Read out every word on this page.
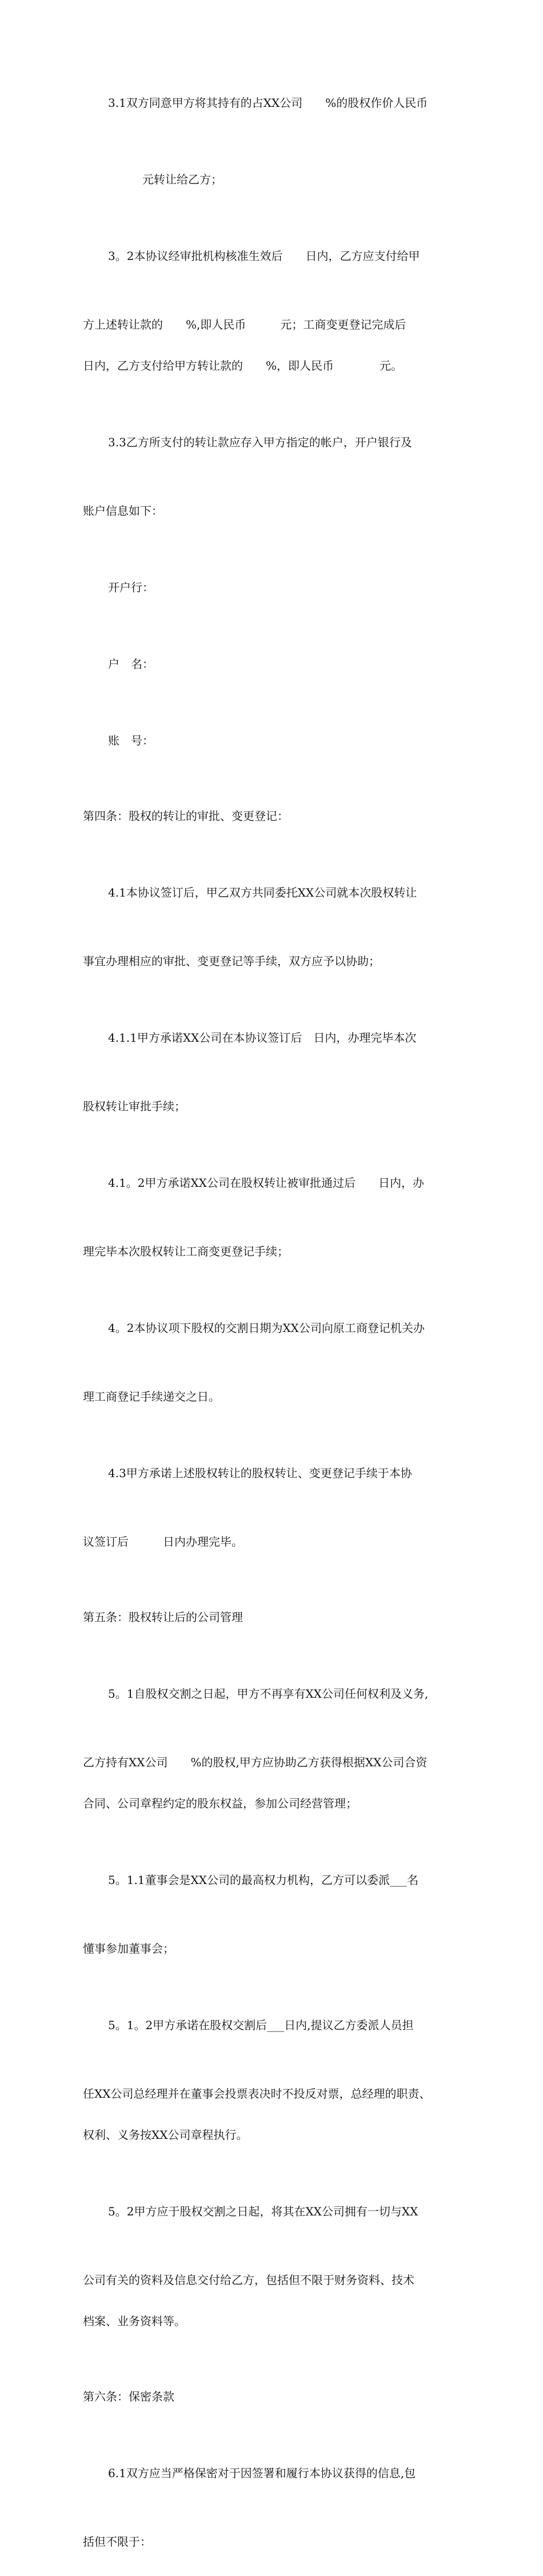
3.1双方同意甲方将其持有的占XX公司　　%的股权作价人民币

元转让给乙方；

3。2本协议经审批机构核准生效后　　日内，乙方应支付给甲

方上述转让款的　　%,即人民币　　　元；工商变更登记完成后

日内，乙方支付给甲方转让款的　　%，即人民币　　　　元。

3.3乙方所支付的转让款应存入甲方指定的帐户，开户银行及

账户信息如下：

开户行：

户　名：

账　号：

第四条：股权的转让的审批、变更登记：

4.1本协议签订后，甲乙双方共同委托XX公司就本次股权转让

事宜办理相应的审批、变更登记等手续，双方应予以协助；

4.1.1甲方承诺XX公司在本协议签订后　日内，办理完毕本次

股权转让审批手续；

4.1。2甲方承诺XX公司在股权转让被审批通过后　　日内，办

理完毕本次股权转让工商变更登记手续；

4。2本协议项下股权的交割日期为XX公司向原工商登记机关办

理工商登记手续递交之日。

4.3甲方承诺上述股权转让的股权转让、变更登记手续于本协

议签订后　　　日内办理完毕。

第五条：股权转让后的公司管理

5。1自股权交割之日起，甲方不再享有XX公司任何权利及义务,

乙方持有XX公司　　%的股权,甲方应协助乙方获得根据XX公司合资

合同、公司章程约定的股东权益，参加公司经营管理；

5。1.1董事会是XX公司的最高权力机构，乙方可以委派___名

懂事参加董事会；

5。1。2甲方承诺在股权交割后___日内,提议乙方委派人员担

任XX公司总经理并在董事会投票表决时不投反对票，总经理的职责、

权利、义务按XX公司章程执行。

5。2甲方应于股权交割之日起，将其在XX公司拥有一切与XX

公司有关的资料及信息交付给乙方，包括但不限于财务资料、技术

档案、业务资料等。

第六条：保密条款

6.1双方应当严格保密对于因签署和履行本协议获得的信息,包

括但不限于：
